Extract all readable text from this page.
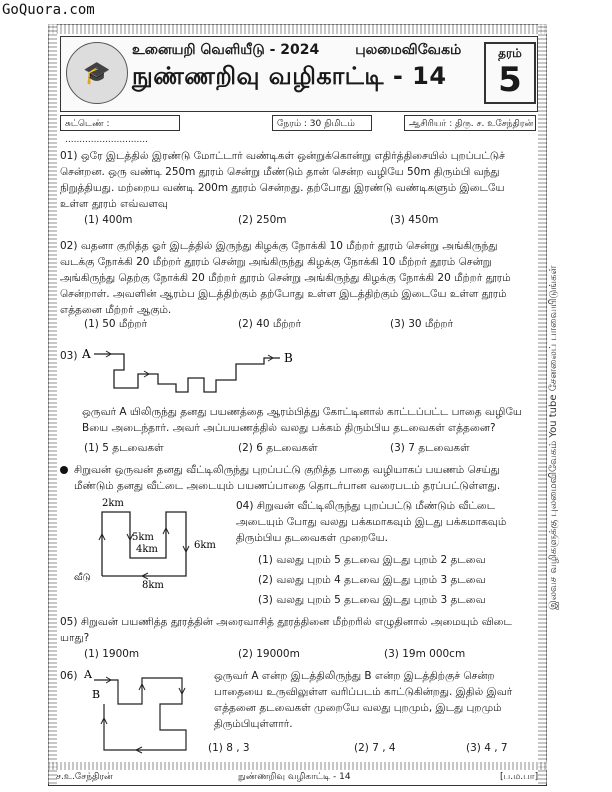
GoQuora.com
இலவச வழிகளுக்கு புலமைவிவேகம் You tube சேனலைப் பாவையிடுங்கள்
🎓
உனையறி வெளியீடு - 2024	புலமைவிவேகம்
நுண்ணறிவு வழிகாட்டி - 14
தரம்
5
சுட்டெண் : .............................
நேரம் : 30 நிமிடம்	ஆசிரியர் : திரு. ச. உசேந்திரன்
01) ஒரே இடத்தில் இரண்டு மோட்டார் வண்டிகள் ஒன்றுக்கொன்று எதிர்த்திசையில் புறப்பட்டுச் சென்றன. ஒரு வண்டி 250m தூரம் சென்று மீண்டும் தான் சென்ற வழியே 50m திரும்பி வந்து நிறுத்தியது. மற்றைய வண்டி 200m தூரம் சென்றது. தற்போது இரண்டு வண்டிகளும் இடையே உள்ள தூரம் எவ்வளவு
(1) 400m	(2) 250m	(3) 450m
02) வதனா குறித்த ஓர் இடத்தில் இருந்து கிழக்கு நோக்கி 10 மீற்றர் தூரம் சென்று அங்கிருந்து வடக்கு நோக்கி 20 மீற்றர் தூரம் சென்று அங்கிருந்து கிழக்கு நோக்கி 10 மீற்றர் தூரம் சென்று அங்கிருந்து தெற்கு நோக்கி 20 மீற்றர் தூரம் சென்று அங்கிருந்து கிழக்கு நோக்கி 20 மீற்றர் தூரம் சென்றாள். அவளின் ஆரம்ப இடத்திற்கும் தற்போது உள்ள இடத்திற்கும் இடையே உள்ள தூரம் எத்தனை மீற்றர் ஆகும்.
(1) 50 மீற்றர்	(2) 40 மீற்றர்	(3) 30 மீற்றர்
03) A	B
ஒருவர் A யிலிருந்து தனது பயணத்தை ஆரம்பித்து கோட்டினால் காட்டப்பட்ட பாதை வழியே Bயை அடைந்தார். அவர் அப்பயணத்தில் வலது பக்கம் திரும்பிய தடவைகள் எத்தனை?
(1) 5 தடவைகள்	(2) 6 தடவைகள்	(3) 7 தடவைகள்
சிறுவன் ஒருவன் தனது வீட்டிலிருந்து புறப்பட்டு குறித்த பாதை வழியாகப் பயணம் செய்து மீண்டும் தனது வீட்டை அடையும் பயணப்பாதை தொடர்பான வரைபடம் தரப்பட்டுள்ளது.
2km
5km
4km	6km
8km
வீடு
04) சிறுவன் வீட்டிலிருந்து புறப்பட்டு மீண்டும் வீட்டை அடையும் போது வலது பக்கமாகவும் இடது பக்கமாகவும் திரும்பிய தடவைகள் முறையே.
(1) வலது புறம் 5 தடவை இடது புறம் 2 தடவை
(2) வலது புறம் 4 தடவை இடது புறம் 3 தடவை
(3) வலது புறம் 5 தடவை இடது புறம் 3 தடவை
05) சிறுவன் பயணித்த தூரத்தின் அரைவாசித் தூரத்தினை மீற்றரில் எழுதினால் அமையும் விடை யாது?
(1) 1900m	(2) 19000m	(3) 19m 000cm
06) A
B
ஒருவர் A என்ற இடத்திலிருந்து B என்ற இடத்திற்குச் சென்ற பாதையை உருவிலுள்ள வரிப்படம் காட்டுகின்றது. இதில் இவர் எத்தனை தடவைகள் முறையே வலது புறமும், இடது புறமும் திரும்பியுள்ளார்.
(1) 8 , 3	(2) 7 , 4	(3) 4 , 7
ச.உ.சேந்திரன்	நுண்ணறிவு வழிகாட்டி - 14	[ப.ம.பா]
